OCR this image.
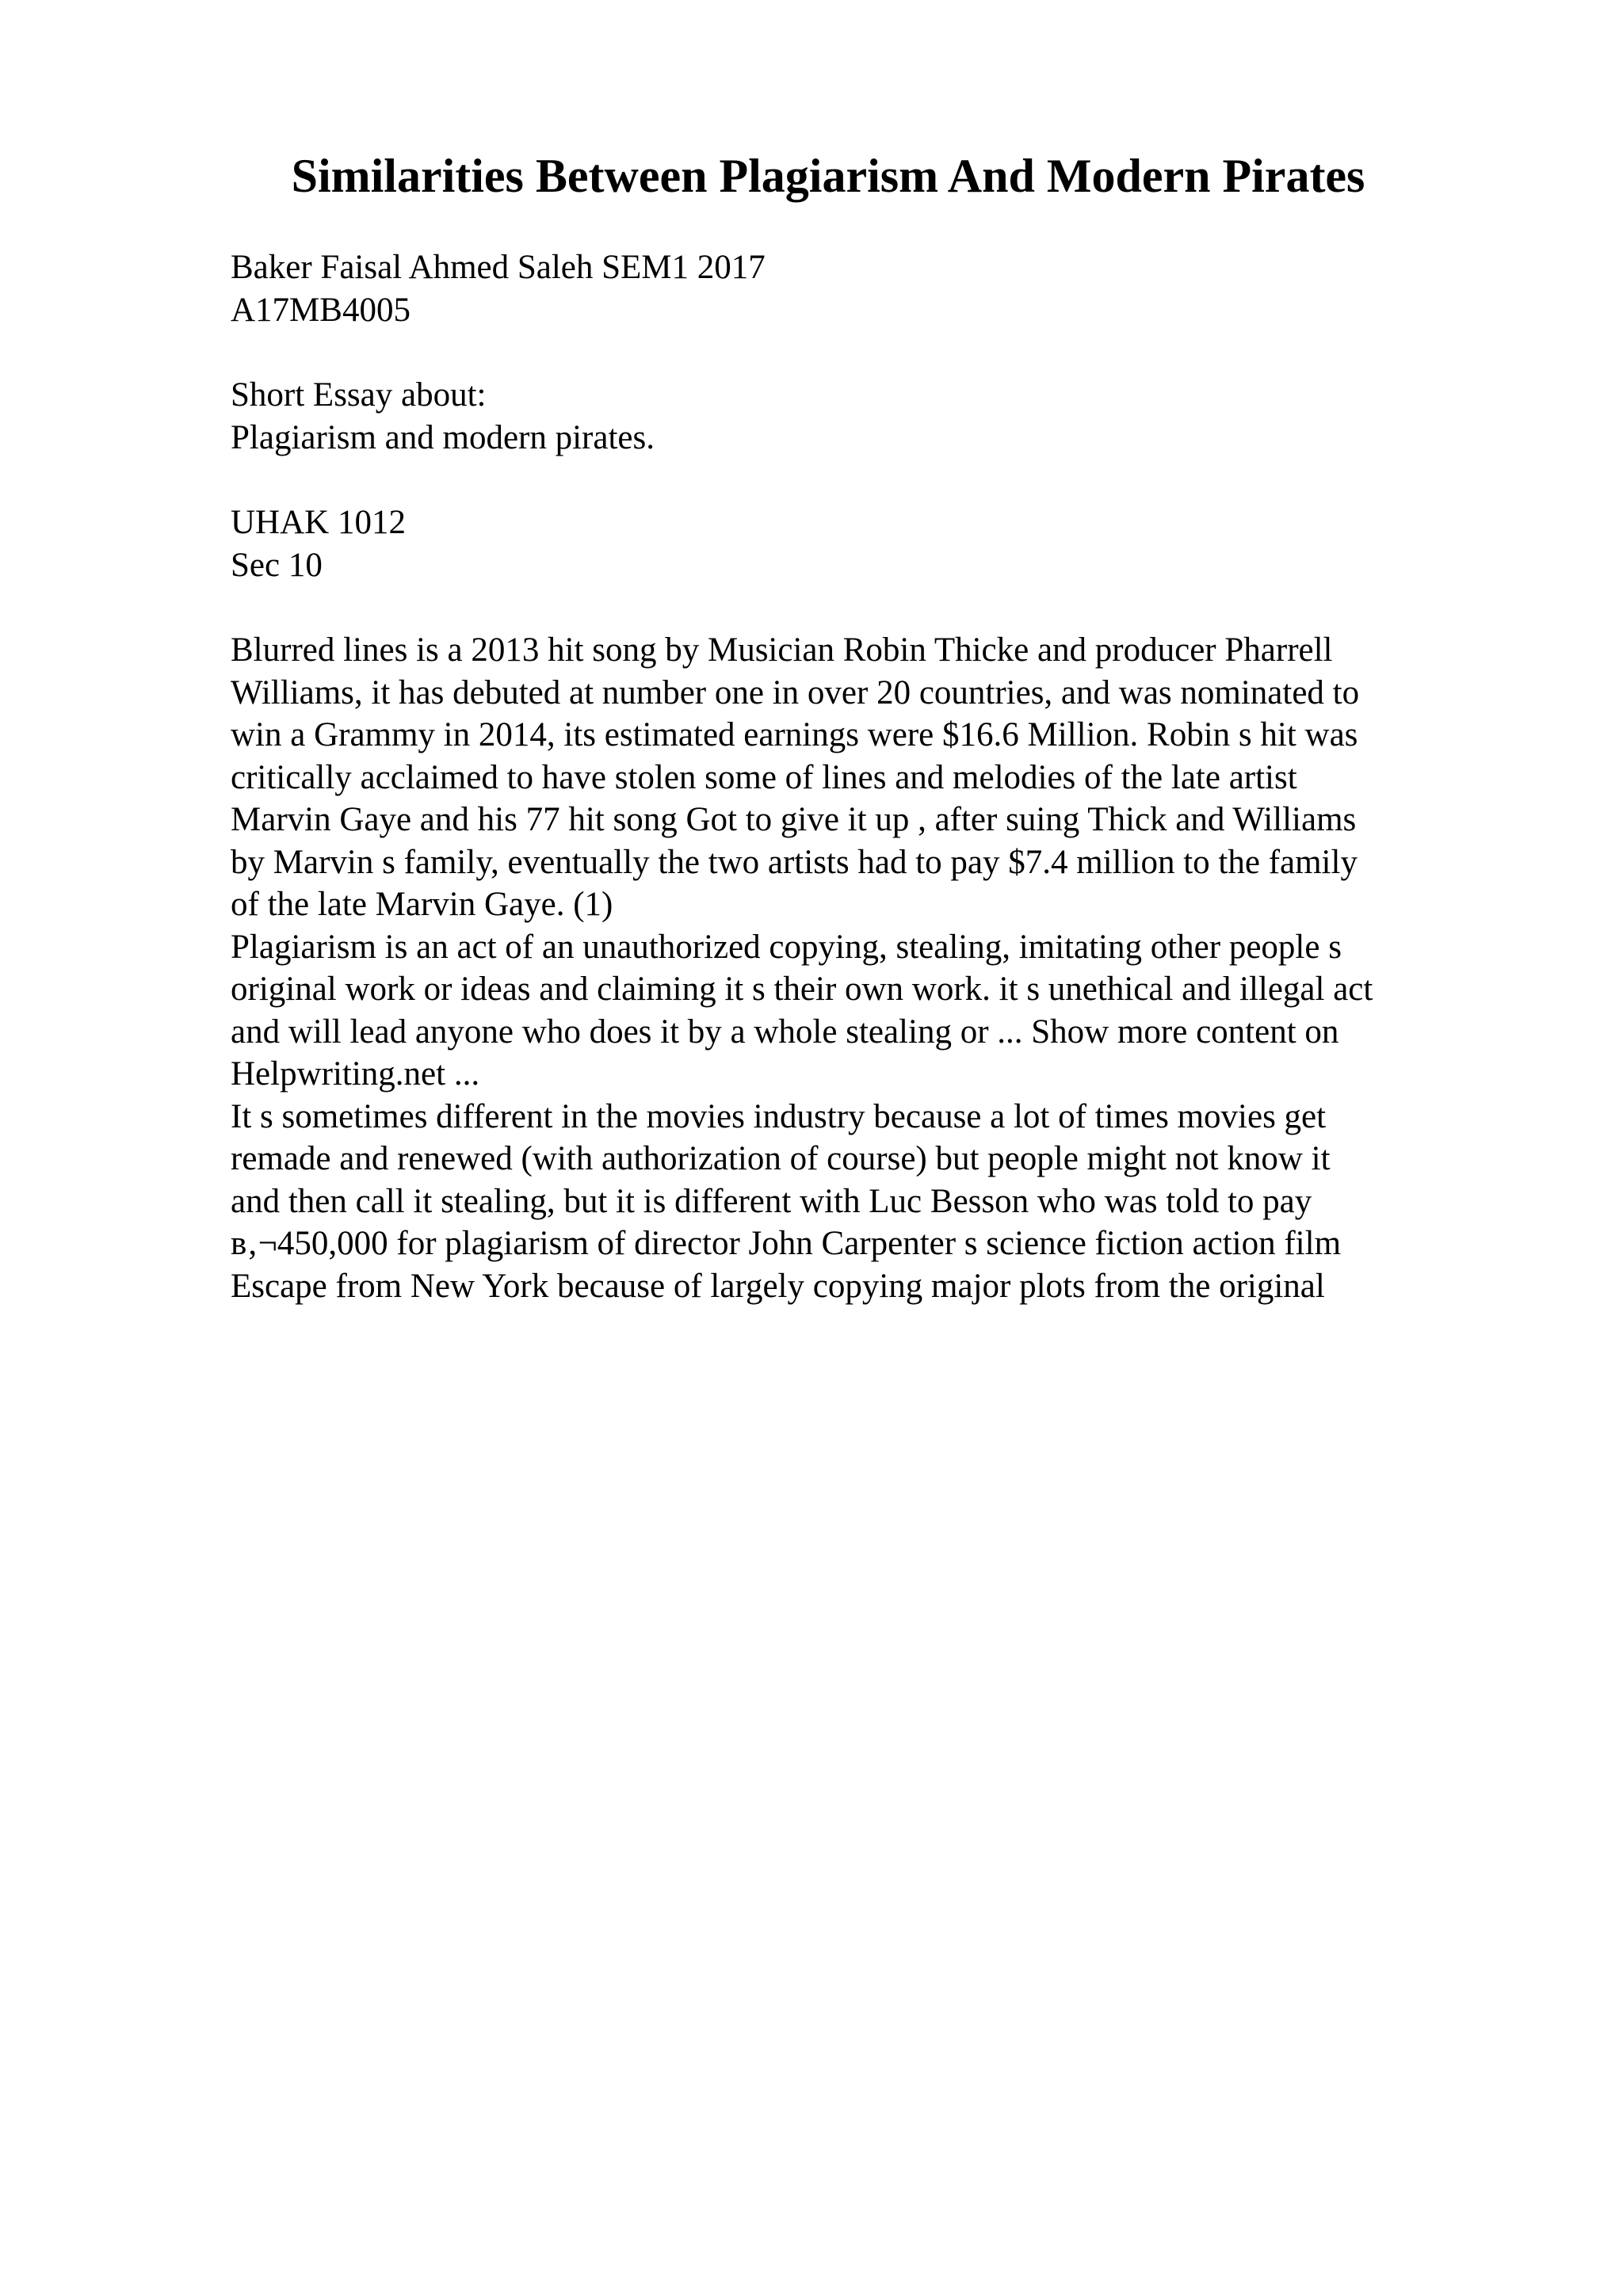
Similarities Between Plagiarism And Modern Pirates
Baker Faisal Ahmed Saleh SEM1 2017
A17MB4005
Short Essay about:
Plagiarism and modern pirates.
UHAK 1012
Sec 10
Blurred lines is a 2013 hit song by Musician Robin Thicke and producer Pharrell
Williams, it has debuted at number one in over 20 countries, and was nominated to
win a Grammy in 2014, its estimated earnings were $16.6 Million. Robin s hit was
critically acclaimed to have stolen some of lines and melodies of the late artist
Marvin Gaye and his 77 hit song Got to give it up , after suing Thick and Williams
by Marvin s family, eventually the two artists had to pay $7.4 million to the family
of the late Marvin Gaye. (1)
Plagiarism is an act of an unauthorized copying, stealing, imitating other people s
original work or ideas and claiming it s their own work. it s unethical and illegal act
and will lead anyone who does it by a whole stealing or ... Show more content on
Helpwriting.net ...
It s sometimes different in the movies industry because a lot of times movies get
remade and renewed (with authorization of course) but people might not know it
and then call it stealing, but it is different with Luc Besson who was told to pay
в‚¬450,000 for plagiarism of director John Carpenter s science fiction action film
Escape from New York because of largely copying major plots from the original
